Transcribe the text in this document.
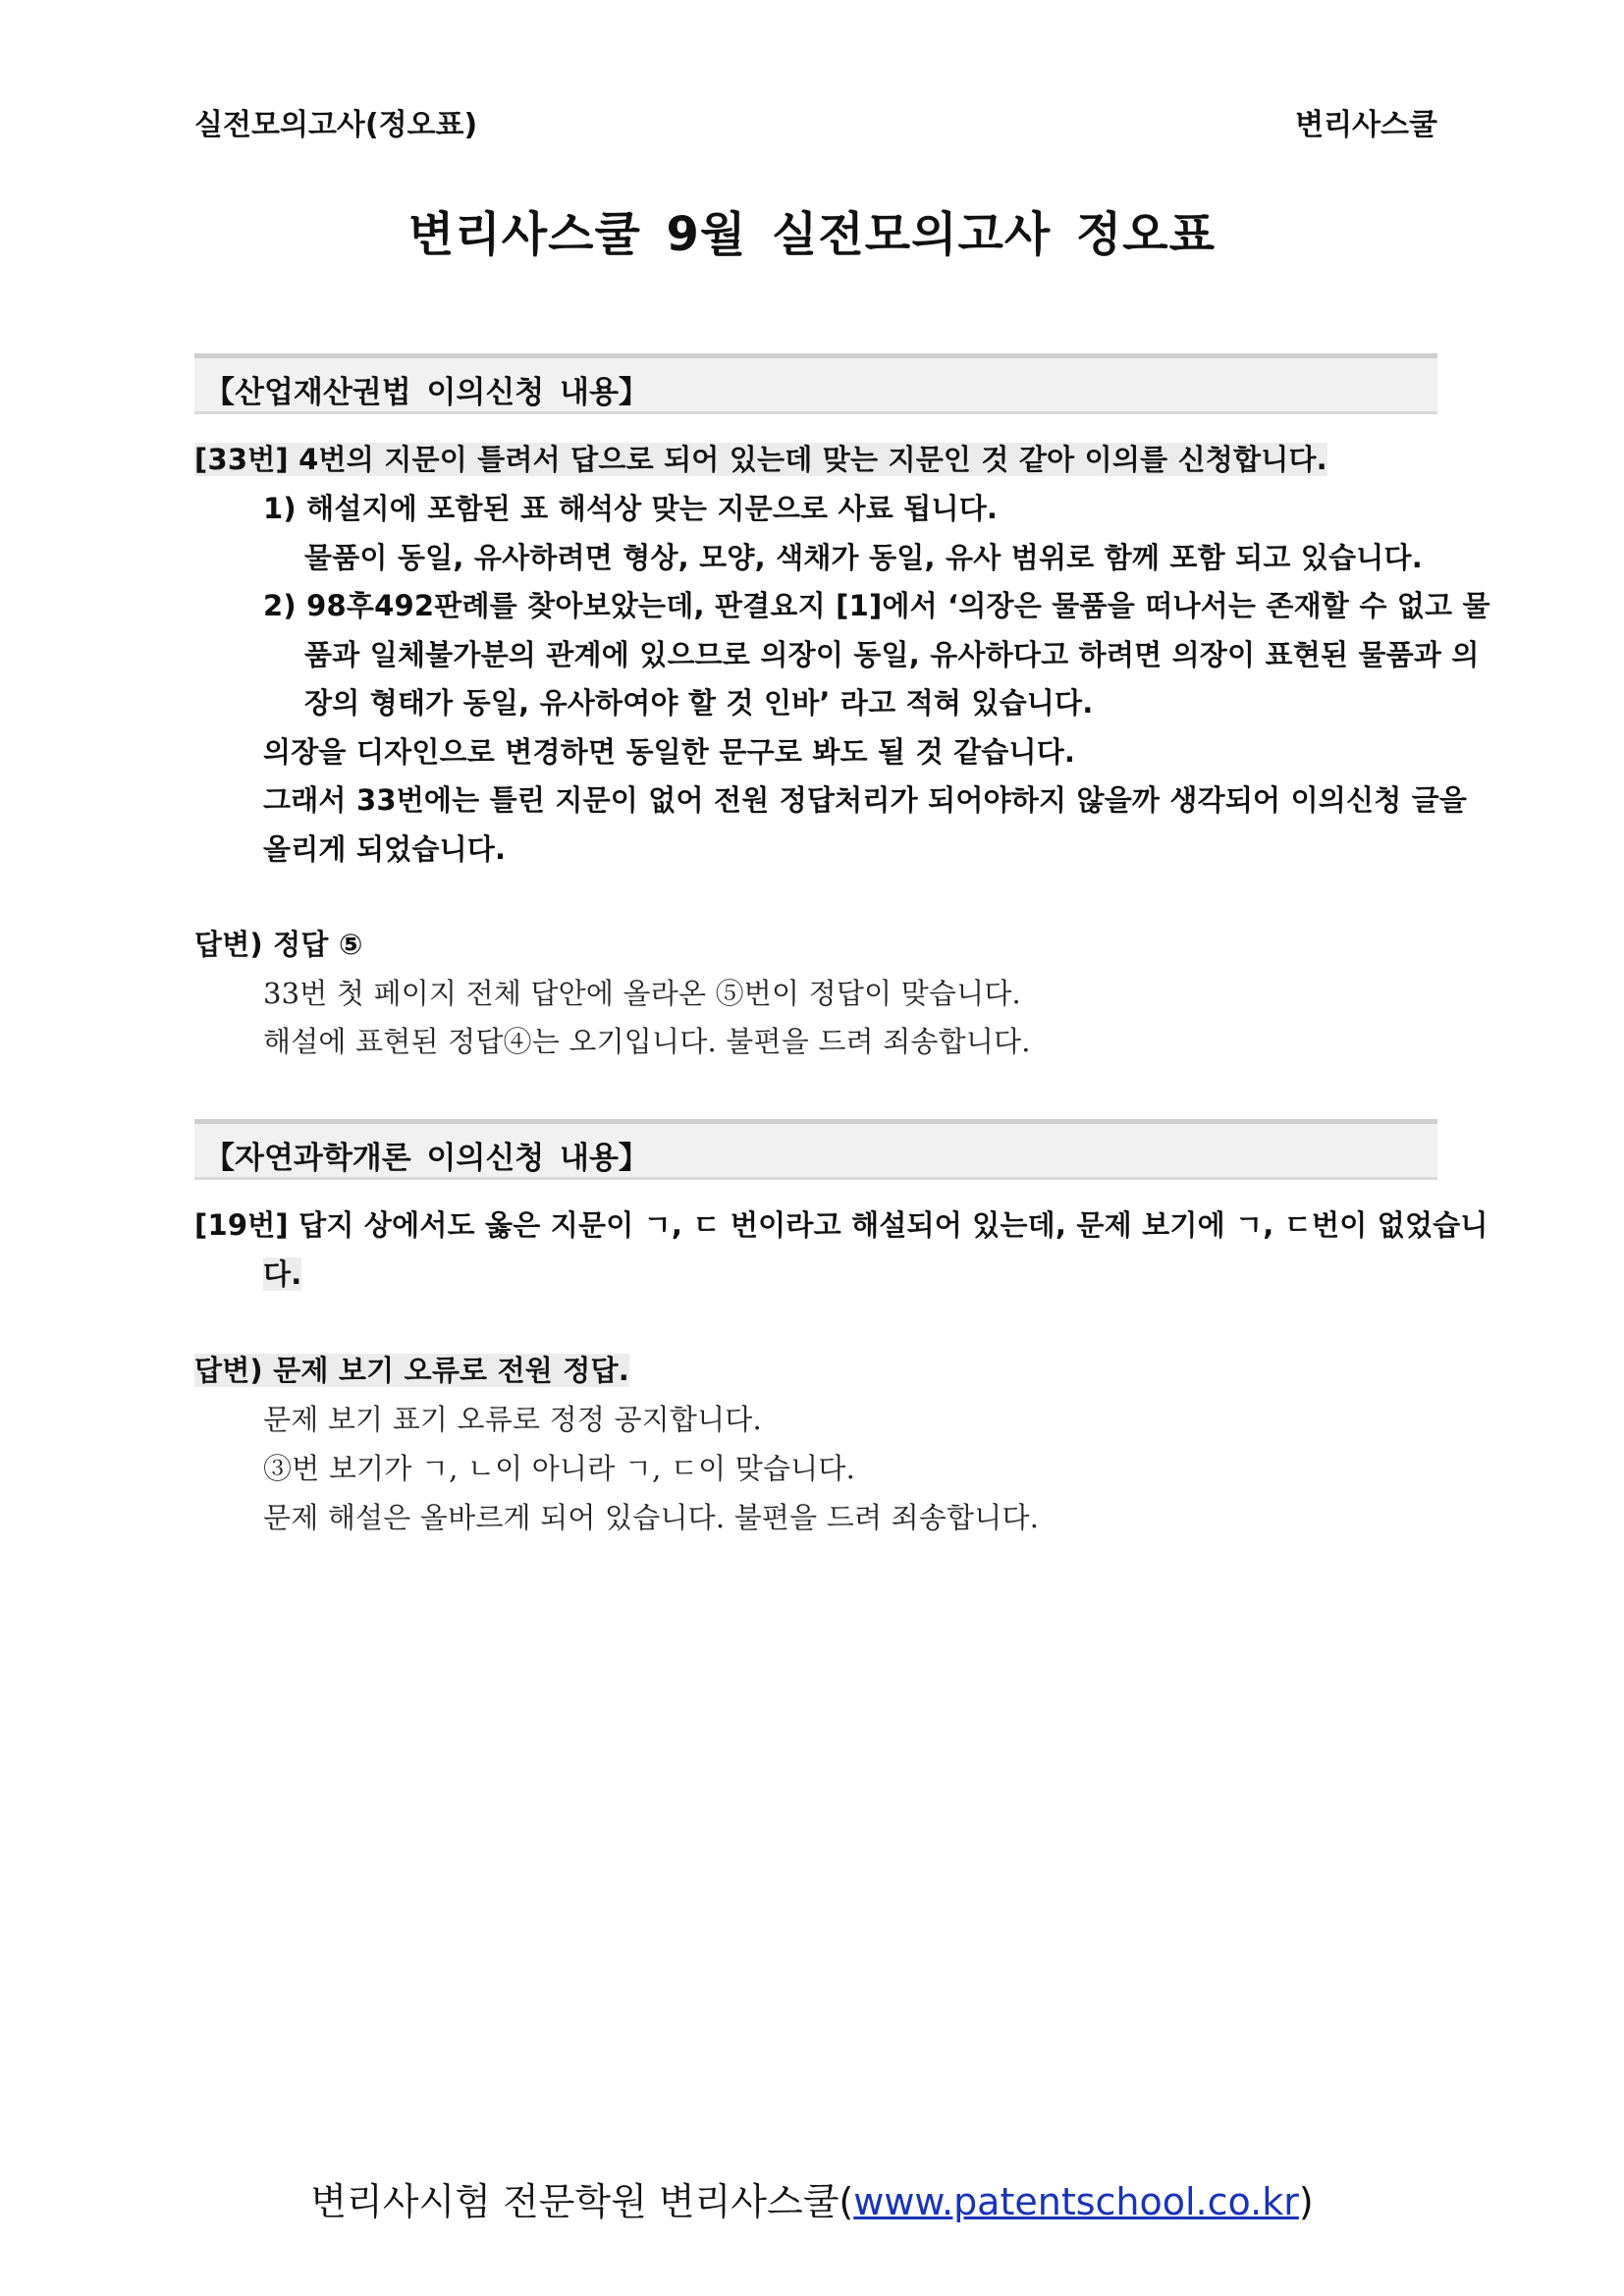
실전모의고사(정오표)	변리사스쿨
변리사스쿨 9월 실전모의고사 정오표
【산업재산권법 이의신청 내용】
[33번] 4번의 지문이 틀려서 답으로 되어 있는데 맞는 지문인 것 같아 이의를 신청합니다.
1) 해설지에 포함된 표 해석상 맞는 지문으로 사료 됩니다.
물품이 동일, 유사하려면 형상, 모양, 색채가 동일, 유사 범위로 함께 포함 되고 있습니다.
2) 98후492판례를 찾아보았는데, 판결요지 [1]에서 ‘의장은 물품을 떠나서는 존재할 수 없고 물
품과 일체불가분의 관계에 있으므로 의장이 동일, 유사하다고 하려면 의장이 표현된 물품과 의
장의 형태가 동일, 유사하여야 할 것 인바’ 라고 적혀 있습니다.
의장을 디자인으로 변경하면 동일한 문구로 봐도 될 것 같습니다.
그래서 33번에는 틀린 지문이 없어 전원 정답처리가 되어야하지 않을까 생각되어 이의신청 글을
올리게 되었습니다.
답변) 정답 ⑤
33번 첫 페이지 전체 답안에 올라온 ⑤번이 정답이 맞습니다.
해설에 표현된 정답④는 오기입니다. 불편을 드려 죄송합니다.
【자연과학개론 이의신청 내용】
[19번] 답지 상에서도 옳은 지문이 ㄱ, ㄷ 번이라고 해설되어 있는데, 문제 보기에 ㄱ, ㄷ번이 없었습니
다.
답변) 문제 보기 오류로 전원 정답.
문제 보기 표기 오류로 정정 공지합니다.
③번 보기가 ㄱ, ㄴ이 아니라 ㄱ, ㄷ이 맞습니다.
문제 해설은 올바르게 되어 있습니다. 불편을 드려 죄송합니다.
변리사시험 전문학원 변리사스쿨(www.patentschool.co.kr)
